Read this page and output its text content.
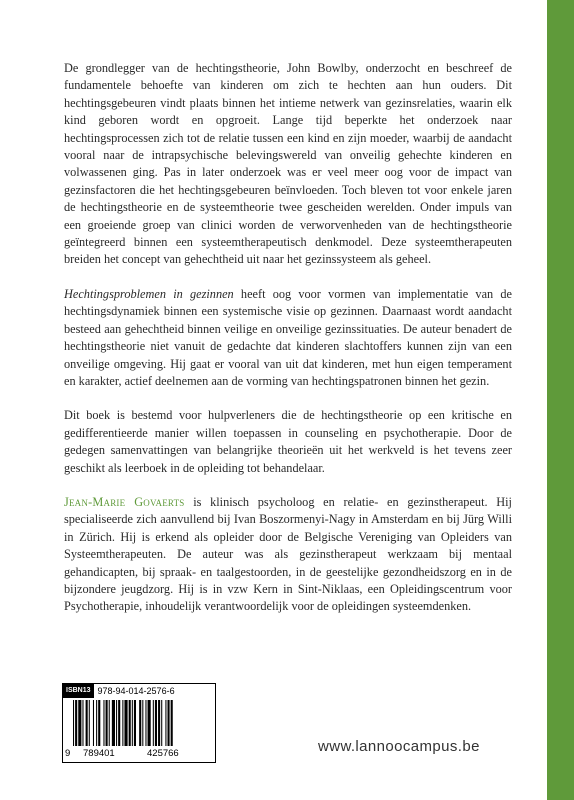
De grondlegger van de hechtingstheorie, John Bowlby, onderzocht en beschreef de fundamentele behoefte van kinderen om zich te hechten aan hun ouders. Dit hechtingsgebeuren vindt plaats binnen het intieme netwerk van gezinsrelaties, waarin elk kind geboren wordt en opgroeit. Lange tijd beperkte het onderzoek naar hechtingsprocessen zich tot de relatie tussen een kind en zijn moeder, waarbij de aandacht vooral naar de intrapsychische belevingswereld van onveilig gehechte kinderen en volwassenen ging. Pas in later onderzoek was er veel meer oog voor de impact van gezinsfactoren die het hechtingsgebeuren beïnvloeden. Toch bleven tot voor enkele jaren de hechtingstheorie en de systeemtheorie twee gescheiden werelden. Onder impuls van een groeiende groep van clinici worden de verworvenheden van de hechtingstheorie geïntegreerd binnen een systeemtherapeutisch denkmodel. Deze systeemtherapeuten breiden het concept van gehechtheid uit naar het gezinssysteem als geheel.

Hechtingsproblemen in gezinnen heeft oog voor vormen van implementatie van de hechtingsdynamiek binnen een systemische visie op gezinnen. Daarnaast wordt aandacht besteed aan gehechtheid binnen veilige en onveilige gezinssituaties. De auteur benadert de hechtingstheorie niet vanuit de gedachte dat kinderen slachtoffers kunnen zijn van een onveilige omgeving. Hij gaat er vooral van uit dat kinderen, met hun eigen temperament en karakter, actief deelnemen aan de vorming van hechtingspatronen binnen het gezin.

Dit boek is bestemd voor hulpverleners die de hechtingstheorie op een kritische en gedifferentieerde manier willen toepassen in counseling en psychotherapie. Door de gedegen samenvattingen van belangrijke theorieën uit het werkveld is het tevens zeer geschikt als leerboek in de opleiding tot behandelaar.

Jean-Marie Govaerts is klinisch psycholoog en relatie- en gezinstherapeut. Hij specialiseerde zich aanvullend bij Ivan Boszormenyi-Nagy in Amsterdam en bij Jürg Willi in Zürich. Hij is erkend als opleider door de Belgische Vereniging van Opleiders van Systeemtherapeuten. De auteur was als gezinstherapeut werkzaam bij mentaal gehandicapten, bij spraak- en taalgestoorden, in de geestelijke gezondheidszorg en in de bijzondere jeugdzorg. Hij is in vzw Kern in Sint-Niklaas, een Opleidingscentrum voor Psychotherapie, inhoudelijk verantwoordelijk voor de opleidingen systeemdenken.

ISBN13 978-94-014-2576-6
9 789401	425766	www.lannoocampus.be
